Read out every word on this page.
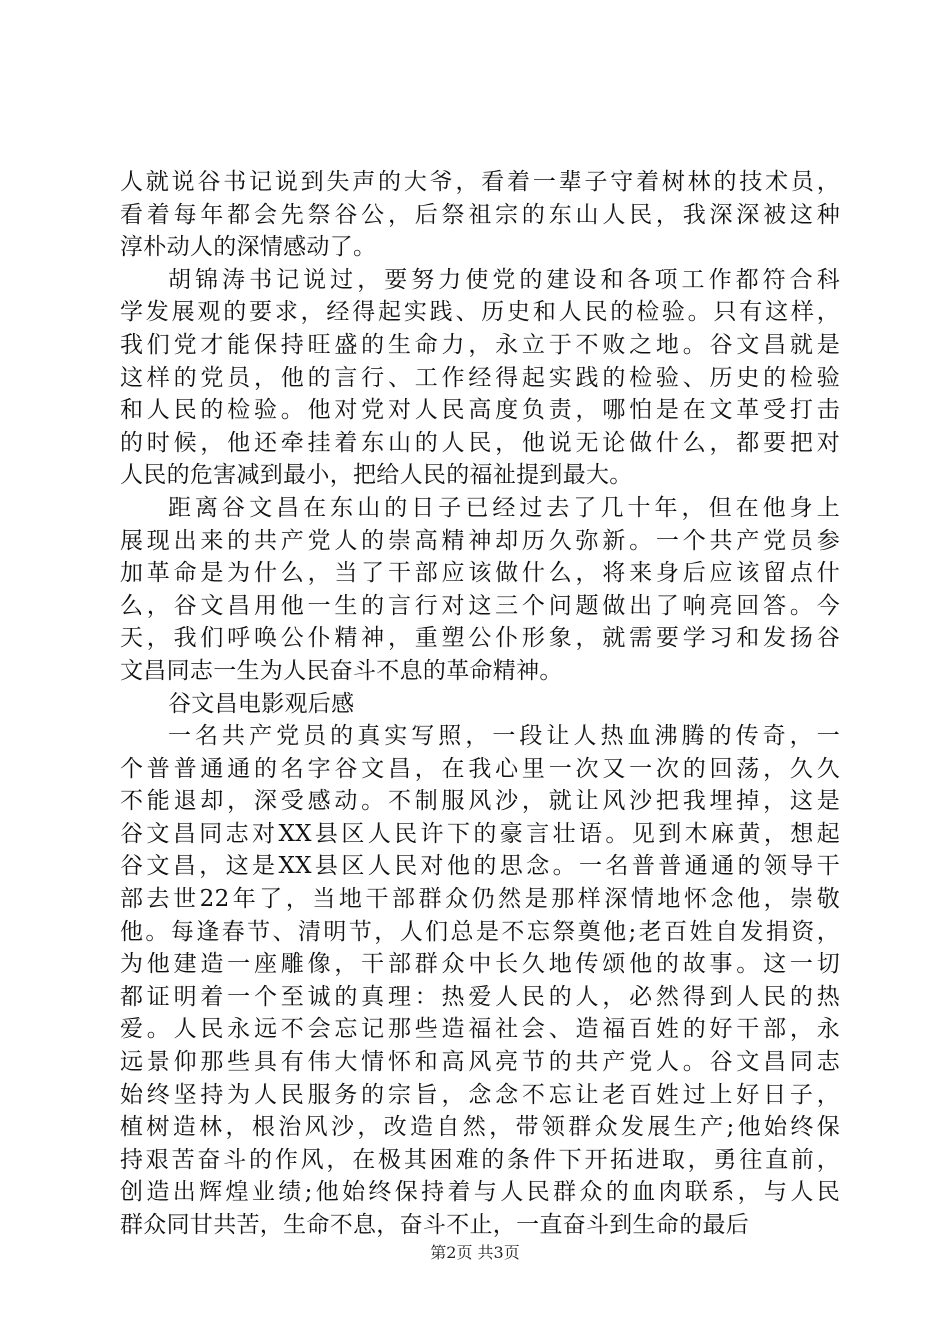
人就说谷书记说到失声的大爷，看着一辈子守着树林的技术员，
看着每年都会先祭谷公，后祭祖宗的东山人民，我深深被这种
淳朴动人的深情感动了。
胡锦涛书记说过，要努力使党的建设和各项工作都符合科
学发展观的要求，经得起实践、历史和人民的检验。只有这样，
我们党才能保持旺盛的生命力，永立于不败之地。谷文昌就是
这样的党员，他的言行、工作经得起实践的检验、历史的检验
和人民的检验。他对党对人民高度负责，哪怕是在文革受打击
的时候，他还牵挂着东山的人民，他说无论做什么，都要把对
人民的危害减到最小，把给人民的福祉提到最大。
距离谷文昌在东山的日子已经过去了几十年，但在他身上
展现出来的共产党人的崇高精神却历久弥新。一个共产党员参
加革命是为什么，当了干部应该做什么，将来身后应该留点什
么，谷文昌用他一生的言行对这三个问题做出了响亮回答。今
天，我们呼唤公仆精神，重塑公仆形象，就需要学习和发扬谷
文昌同志一生为人民奋斗不息的革命精神。
谷文昌电影观后感
一名共产党员的真实写照，一段让人热血沸腾的传奇，一
个普普通通的名字谷文昌，在我心里一次又一次的回荡，久久
不能退却，深受感动。不制服风沙，就让风沙把我埋掉，这是
谷文昌同志对XX县区人民许下的豪言壮语。见到木麻黄，想起
谷文昌，这是XX县区人民对他的思念。一名普普通通的领导干
部去世22年了，当地干部群众仍然是那样深情地怀念他，崇敬
他。每逢春节、清明节，人们总是不忘祭奠他;老百姓自发捐资，
为他建造一座雕像，干部群众中长久地传颂他的故事。这一切
都证明着一个至诚的真理：热爱人民的人，必然得到人民的热
爱。人民永远不会忘记那些造福社会、造福百姓的好干部，永
远景仰那些具有伟大情怀和高风亮节的共产党人。谷文昌同志
始终坚持为人民服务的宗旨，念念不忘让老百姓过上好日子，
植树造林，根治风沙，改造自然，带领群众发展生产;他始终保
持艰苦奋斗的作风，在极其困难的条件下开拓进取，勇往直前，
创造出辉煌业绩;他始终保持着与人民群众的血肉联系，与人民
群众同甘共苦，生命不息，奋斗不止，一直奋斗到生命的最后
第2页 共3页
